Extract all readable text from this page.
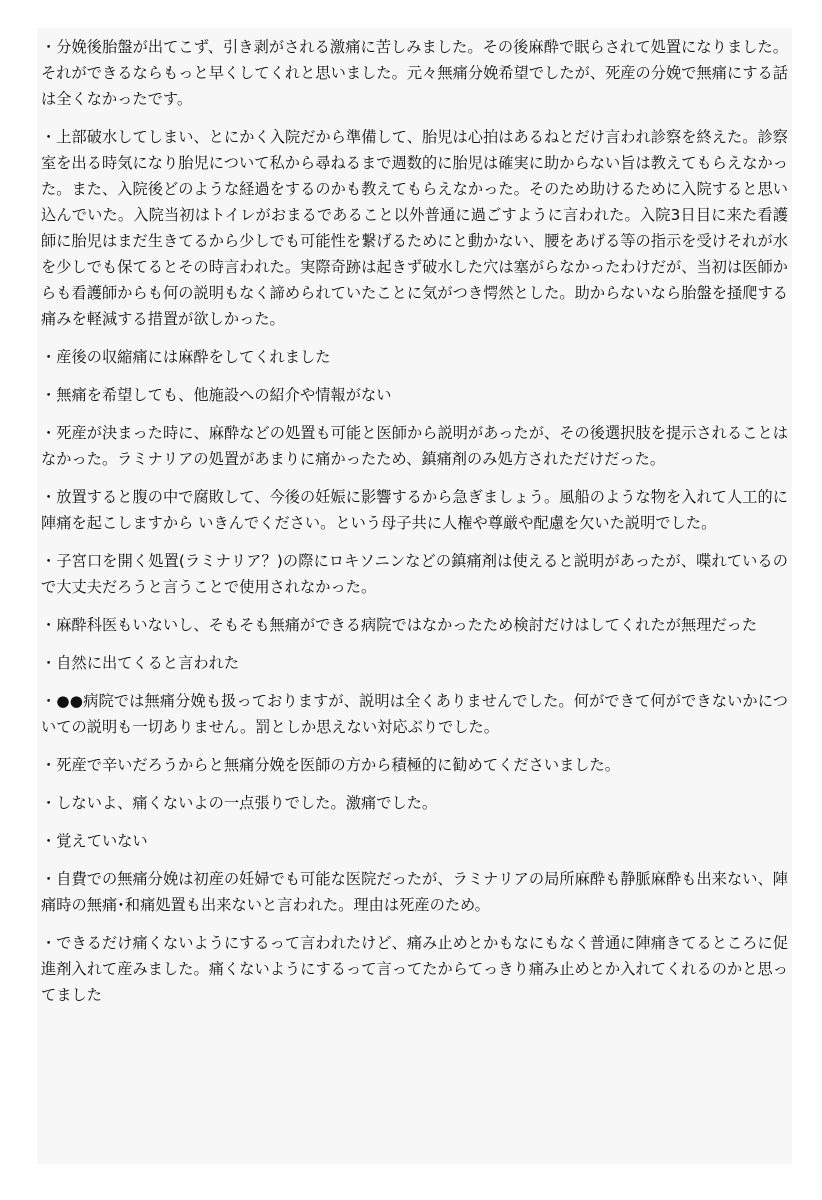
・分娩後胎盤が出てこず、引き剥がされる激痛に苦しみました。その後麻酔で眠らされて処置になりました。それができるならもっと早くしてくれと思いました。元々無痛分娩希望でしたが、死産の分娩で無痛にする話は全くなかったです。

・上部破水してしまい、とにかく入院だから準備して、胎児は心拍はあるねとだけ言われ診察を終えた。診察室を出る時気になり胎児について私から尋ねるまで週数的に胎児は確実に助からない旨は教えてもらえなかった。また、入院後どのような経過をするのかも教えてもらえなかった。そのため助けるために入院すると思い込んでいた。入院当初はトイレがおまるであること以外普通に過ごすように言われた。入院3日目に来た看護師に胎児はまだ生きてるから少しでも可能性を繋げるためにと動かない、腰をあげる等の指示を受けそれが水を少しでも保てるとその時言われた。実際奇跡は起きず破水した穴は塞がらなかったわけだが、当初は医師からも看護師からも何の説明もなく諦められていたことに気がつき愕然とした。助からないなら胎盤を掻爬する痛みを軽減する措置が欲しかった。

・産後の収縮痛には麻酔をしてくれました

・無痛を希望しても、他施設への紹介や情報がない

・死産が決まった時に、麻酔などの処置も可能と医師から説明があったが、その後選択肢を提示されることはなかった。ラミナリアの処置があまりに痛かったため、鎮痛剤のみ処方されただけだった。

・放置すると腹の中で腐敗して、今後の妊娠に影響するから急ぎましょう。風船のような物を入れて人工的に陣痛を起こしますから いきんでください。という母子共に人権や尊厳や配慮を欠いた説明でした。

・子宮口を開く処置(ラミナリア？)の際にロキソニンなどの鎮痛剤は使えると説明があったが、喋れているので大丈夫だろうと言うことで使用されなかった。

・麻酔科医もいないし、そもそも無痛ができる病院ではなかったため検討だけはしてくれたが無理だった

・自然に出てくると言われた

・●●病院では無痛分娩も扱っておりますが、説明は全くありませんでした。何ができて何ができないかについての説明も一切ありません。罰としか思えない対応ぶりでした。

・死産で辛いだろうからと無痛分娩を医師の方から積極的に勧めてくださいました。

・しないよ、痛くないよの一点張りでした。激痛でした。

・覚えていない

・自費での無痛分娩は初産の妊婦でも可能な医院だったが、ラミナリアの局所麻酔も静脈麻酔も出来ない、陣痛時の無痛･和痛処置も出来ないと言われた。理由は死産のため。

・できるだけ痛くないようにするって言われたけど、痛み止めとかもなにもなく普通に陣痛きてるところに促進剤入れて産みました。痛くないようにするって言ってたからてっきり痛み止めとか入れてくれるのかと思ってました
